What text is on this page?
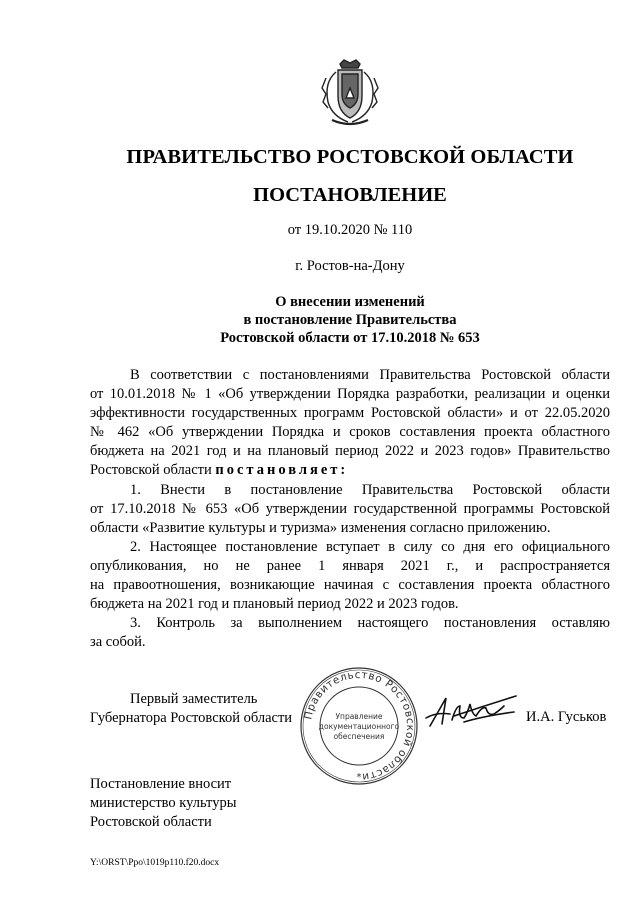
ПРАВИТЕЛЬСТВО РОСТОВСКОЙ ОБЛАСТИ
ПОСТАНОВЛЕНИЕ
от 19.10.2020 № 110
г. Ростов-на-Дону
О внесении изменений
в постановление Правительства
Ростовской области от 17.10.2018 № 653
В соответствии с постановлениями Правительства Ростовской области
от 10.01.2018 № 1 «Об утверждении Порядка разработки, реализации и оценки
эффективности государственных программ Ростовской области» и от 22.05.2020
№ 462 «Об утверждении Порядка и сроков составления проекта областного
бюджета на 2021 год и на плановый период 2022 и 2023 годов» Правительство
Ростовской области постановляет:
1. Внести в постановление Правительства Ростовской области
от 17.10.2018 № 653 «Об утверждении государственной программы Ростовской
области «Развитие культуры и туризма» изменения согласно приложению.
2. Настоящее постановление вступает в силу со дня его официального
опубликования, но не ранее 1 января 2021 г., и распространяется
на правоотношения, возникающие начиная с составления проекта областного
бюджета на 2021 год и плановый период 2022 и 2023 годов.
3. Контроль за выполнением настоящего постановления оставляю
за собой.
Первый заместитель
Губернатора Ростовской области Правительство Ростовской области
Управление
документационного
обеспечения
*
И.А. Гуськов
Постановление вносит
министерство культуры
Ростовской области
Y:\ORST\Ppo\1019p110.f20.docx
